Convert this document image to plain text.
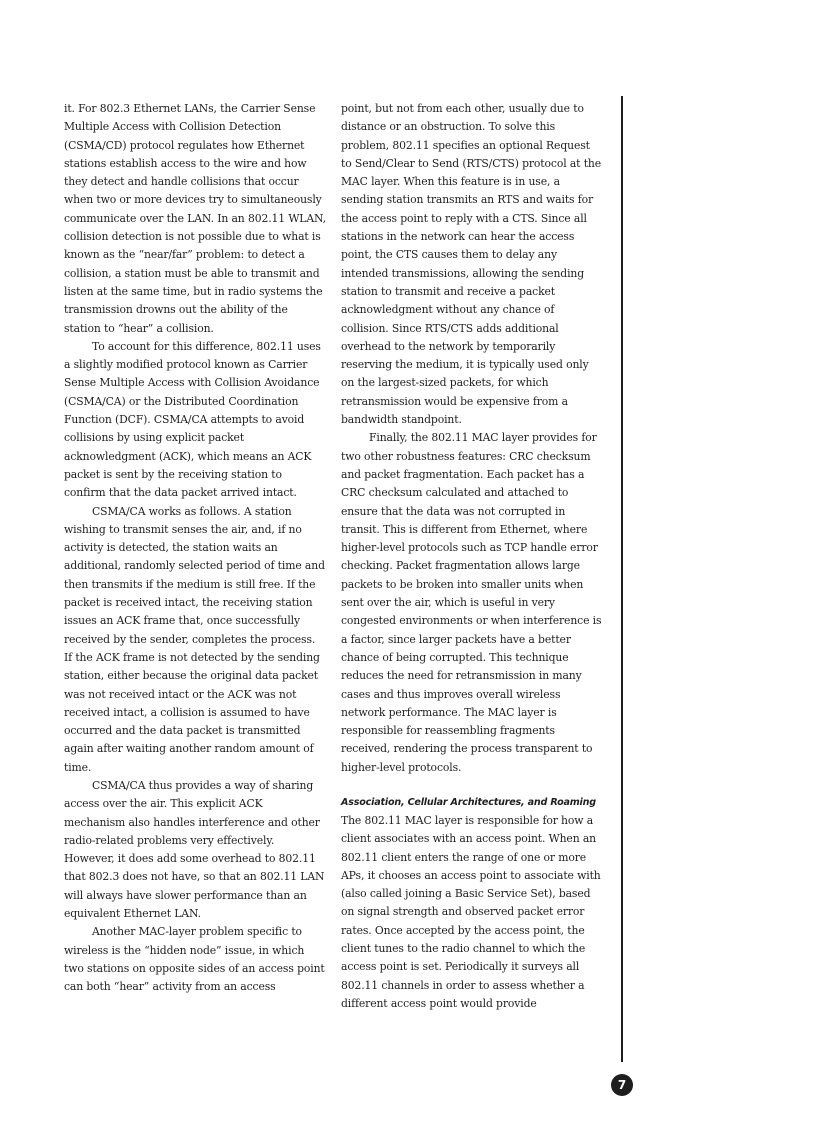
it. For 802.3 Ethernet LANs, the Carrier Sense Multiple Access with Collision Detection (CSMA/CD) protocol regulates how Ethernet stations establish access to the wire and how they detect and handle collisions that occur when two or more devices try to simultaneously communicate over the LAN. In an 802.11 WLAN, collision detection is not possible due to what is known as the “near/far” problem: to detect a collision, a station must be able to transmit and listen at the same time, but in radio systems the transmission drowns out the ability of the station to “hear” a collision.

To account for this difference, 802.11 uses a slightly modified protocol known as Carrier Sense Multiple Access with Collision Avoidance (CSMA/CA) or the Distributed Coordination Function (DCF). CSMA/CA attempts to avoid collisions by using explicit packet acknowledgment (ACK), which means an ACK packet is sent by the receiving station to confirm that the data packet arrived intact.

CSMA/CA works as follows. A station wishing to transmit senses the air, and, if no activity is detected, the station waits an additional, randomly selected period of time and then transmits if the medium is still free. If the packet is received intact, the receiving station issues an ACK frame that, once successfully received by the sender, completes the process. If the ACK frame is not detected by the sending station, either because the original data packet was not received intact or the ACK was not received intact, a collision is assumed to have occurred and the data packet is transmitted again after waiting another random amount of time.

CSMA/CA thus provides a way of sharing access over the air. This explicit ACK mechanism also handles interference and other radio-related problems very effectively. However, it does add some overhead to 802.11 that 802.3 does not have, so that an 802.11 LAN will always have slower performance than an equivalent Ethernet LAN.

Another MAC-layer problem specific to wireless is the “hidden node” issue, in which two stations on opposite sides of an access point can both “hear” activity from an access

point, but not from each other, usually due to distance or an obstruction. To solve this problem, 802.11 specifies an optional Request to Send/Clear to Send (RTS/CTS) protocol at the MAC layer. When this feature is in use, a sending station transmits an RTS and waits for the access point to reply with a CTS. Since all stations in the network can hear the access point, the CTS causes them to delay any intended transmissions, allowing the sending station to transmit and receive a packet acknowledgment without any chance of collision. Since RTS/CTS adds additional overhead to the network by temporarily reserving the medium, it is typically used only on the largest-sized packets, for which retransmission would be expensive from a bandwidth standpoint.

Finally, the 802.11 MAC layer provides for two other robustness features: CRC checksum and packet fragmentation. Each packet has a CRC checksum calculated and attached to ensure that the data was not corrupted in transit. This is different from Ethernet, where higher-level protocols such as TCP handle error checking. Packet fragmentation allows large packets to be broken into smaller units when sent over the air, which is useful in very congested environments or when interference is a factor, since larger packets have a better chance of being corrupted. This technique reduces the need for retransmission in many cases and thus improves overall wireless network performance. The MAC layer is responsible for reassembling fragments received, rendering the process transparent to higher-level protocols.

Association, Cellular Architectures, and Roaming

The 802.11 MAC layer is responsible for how a client associates with an access point. When an 802.11 client enters the range of one or more APs, it chooses an access point to associate with (also called joining a Basic Service Set), based on signal strength and observed packet error rates. Once accepted by the access point, the client tunes to the radio channel to which the access point is set. Periodically it surveys all 802.11 channels in order to assess whether a different access point would provide

7
